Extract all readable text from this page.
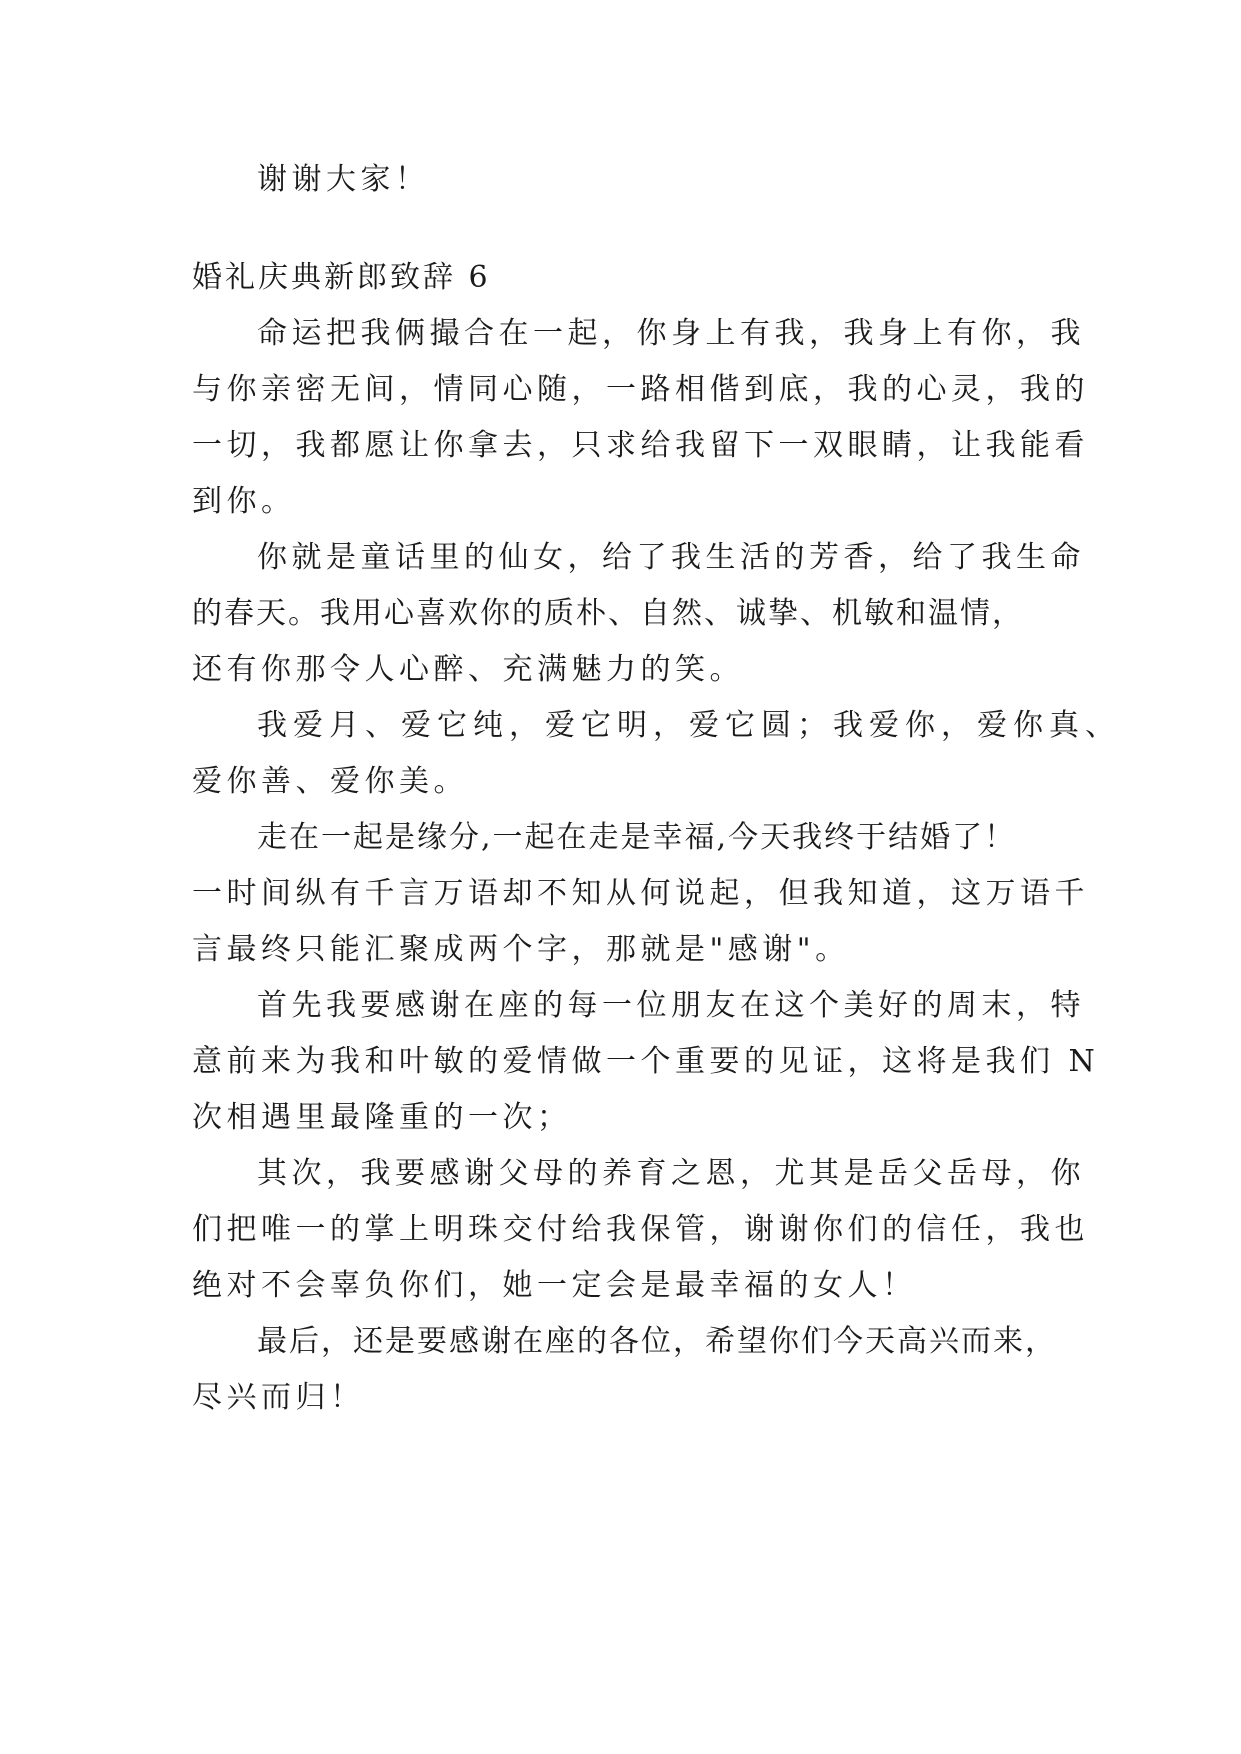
谢谢大家！
婚礼庆典新郎致辞 6
命运把我俩撮合在一起，你身上有我，我身上有你，我
与你亲密无间，情同心随，一路相偕到底，我的心灵，我的
一切，我都愿让你拿去，只求给我留下一双眼睛，让我能看
到你。
你就是童话里的仙女，给了我生活的芳香，给了我生命
的春天。我用心喜欢你的质朴、自然、诚挚、机敏和温情，
还有你那令人心醉、充满魅力的笑。
我爱月、爱它纯，爱它明，爱它圆；我爱你，爱你真、
爱你善、爱你美。
走在一起是缘分,一起在走是幸福,今天我终于结婚了！
一时间纵有千言万语却不知从何说起，但我知道，这万语千
言最终只能汇聚成两个字，那就是"感谢"。
首先我要感谢在座的每一位朋友在这个美好的周末，特
意前来为我和叶敏的爱情做一个重要的见证，这将是我们 N
次相遇里最隆重的一次；
其次，我要感谢父母的养育之恩，尤其是岳父岳母，你
们把唯一的掌上明珠交付给我保管，谢谢你们的信任，我也
绝对不会辜负你们，她一定会是最幸福的女人！
最后，还是要感谢在座的各位，希望你们今天高兴而来，
尽兴而归！
